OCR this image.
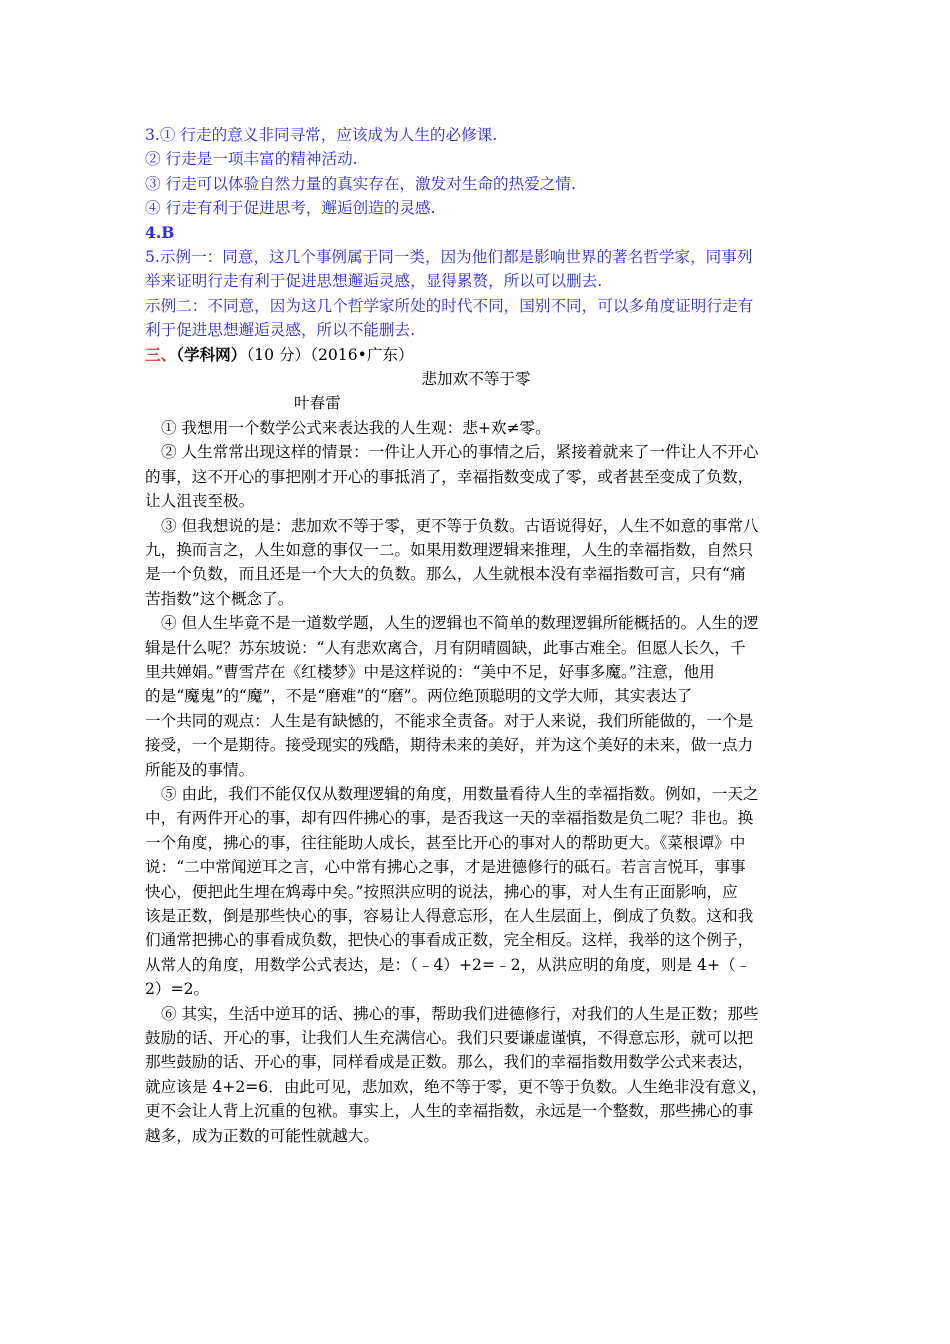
3.① 行走的意义非同寻常，应该成为人生的必修课.

② 行走是一项丰富的精神活动.

③ 行走可以体验自然力量的真实存在，激发对生命的热爱之情.

④ 行走有利于促进思考，邂逅创造的灵感.

4.B

5.示例一：同意，这几个事例属于同一类，因为他们都是影响世界的著名哲学家，同事列

举来证明行走有利于促进思想邂逅灵感，显得累赘，所以可以删去.

示例二：不同意，因为这几个哲学家所处的时代不同，国别不同，可以多角度证明行走有

利于促进思想邂逅灵感，所以不能删去.

三、（学科网）（10 分）（2016•广东）

悲加欢不等于零

叶春雷

① 我想用一个数学公式来表达我的人生观：悲+欢≠零。
② 人生常常出现这样的情景：一件让人开心的事情之后，紧接着就来了一件让人不开心
的事，这不开心的事把刚才开心的事抵消了，幸福指数变成了零，或者甚至变成了负数，
让人沮丧至极。
③ 但我想说的是：悲加欢不等于零，更不等于负数。古语说得好，人生不如意的事常八
九，换而言之，人生如意的事仅一二。如果用数理逻辑来推理，人生的幸福指数，自然只
是一个负数，而且还是一个大大的负数。那么，人生就根本没有幸福指数可言，只有“痛
苦指数”这个概念了。
④ 但人生毕竟不是一道数学题，人生的逻辑也不简单的数理逻辑所能概括的。人生的逻
辑是什么呢？苏东坡说：“人有悲欢离合，月有阴晴圆缺，此事古难全。但愿人长久，千
里共婵娟。”曹雪芹在《红楼梦》中是这样说的：“美中不足，好事多魔。”注意，他用
的是“魔鬼”的“魔”，不是“磨难”的“磨”。两位绝顶聪明的文学大师，其实表达了
一个共同的观点：人生是有缺憾的，不能求全责备。对于人来说，我们所能做的，一个是
接受，一个是期待。接受现实的残酷，期待未来的美好，并为这个美好的未来，做一点力
所能及的事情。
⑤ 由此，我们不能仅仅从数理逻辑的角度，用数量看待人生的幸福指数。例如，一天之
中，有两件开心的事，却有四件拂心的事，是否我这一天的幸福指数是负二呢？非也。换
一个角度，拂心的事，往往能助人成长，甚至比开心的事对人的帮助更大。《菜根谭》中
说：“二中常闻逆耳之言，心中常有拂心之事，才是进德修行的砥石。若言言悦耳，事事
快心，便把此生埋在鸩毒中矣。”按照洪应明的说法，拂心的事，对人生有正面影响，应
该是正数，倒是那些快心的事，容易让人得意忘形，在人生层面上，倒成了负数。这和我
们通常把拂心的事看成负数，把快心的事看成正数，完全相反。这样，我举的这个例子，
从常人的角度，用数学公式表达，是：（﹣4）+2=﹣2，从洪应明的角度，则是 4+（﹣
2）=2。
⑥ 其实，生活中逆耳的话、拂心的事，帮助我们进德修行，对我们的人生是正数；那些
鼓励的话、开心的事，让我们人生充满信心。我们只要谦虚谨慎，不得意忘形，就可以把
那些鼓励的话、开心的事，同样看成是正数。那么，我们的幸福指数用数学公式来表达，
就应该是 4+2=6．由此可见，悲加欢，绝不等于零，更不等于负数。人生绝非没有意义，
更不会让人背上沉重的包袱。事实上，人生的幸福指数，永远是一个整数，那些拂心的事
越多，成为正数的可能性就越大。
